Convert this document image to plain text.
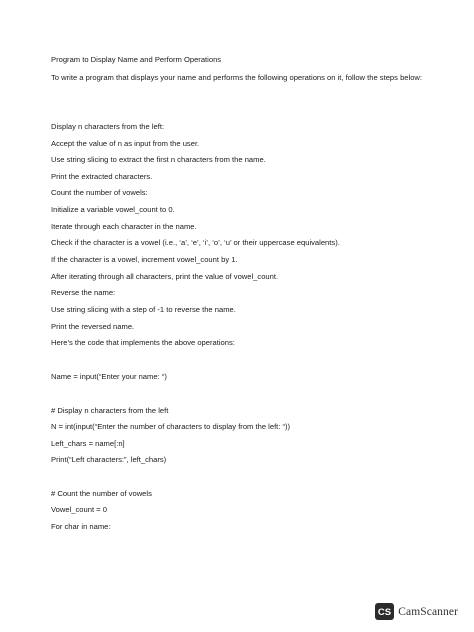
Program to Display Name and Perform Operations
To write a program that displays your name and performs the following operations on it, follow the steps below:
Display n characters from the left:
Accept the value of n as input from the user.
Use string slicing to extract the first n characters from the name.
Print the extracted characters.
Count the number of vowels:
Initialize a variable vowel_count to 0.
Iterate through each character in the name.
Check if the character is a vowel (i.e., ‘a’, ‘e’, ‘i’, ‘o’, ‘u’ or their uppercase equivalents).
If the character is a vowel, increment vowel_count by 1.
After iterating through all characters, print the value of vowel_count.
Reverse the name:
Use string slicing with a step of -1 to reverse the name.
Print the reversed name.
Here’s the code that implements the above operations:
Name = input(“Enter your name: “)
# Display n characters from the left
N = int(input(“Enter the number of characters to display from the left: “))
Left_chars = name[:n]
Print(“Left characters:”, left_chars)
# Count the number of vowels
Vowel_count = 0
For char in name:
CS CamScanner
